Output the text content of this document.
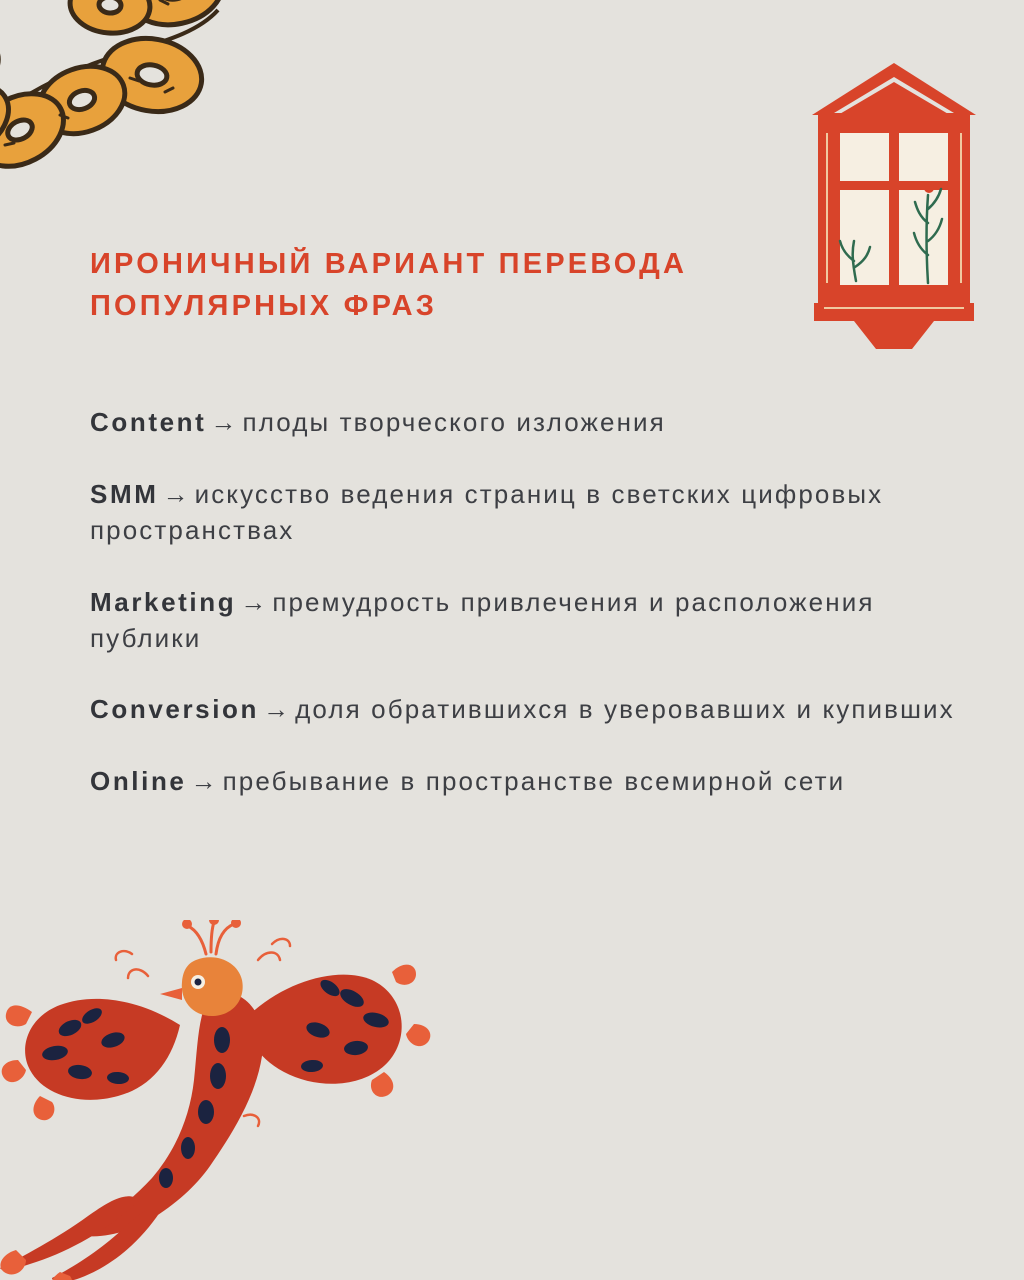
ИРОНИЧНЫЙ ВАРИАНТ ПЕРЕВОДА ПОПУЛЯРНЫХ ФРАЗ
Content → плоды творческого изложения
SMM → искусство ведения страниц в светских цифровых пространствах
Marketing → премудрость привлечения и расположения публики
Conversion → доля обратившихся в уверовавших и купивших
Online → пребывание в пространстве всемирной сети
